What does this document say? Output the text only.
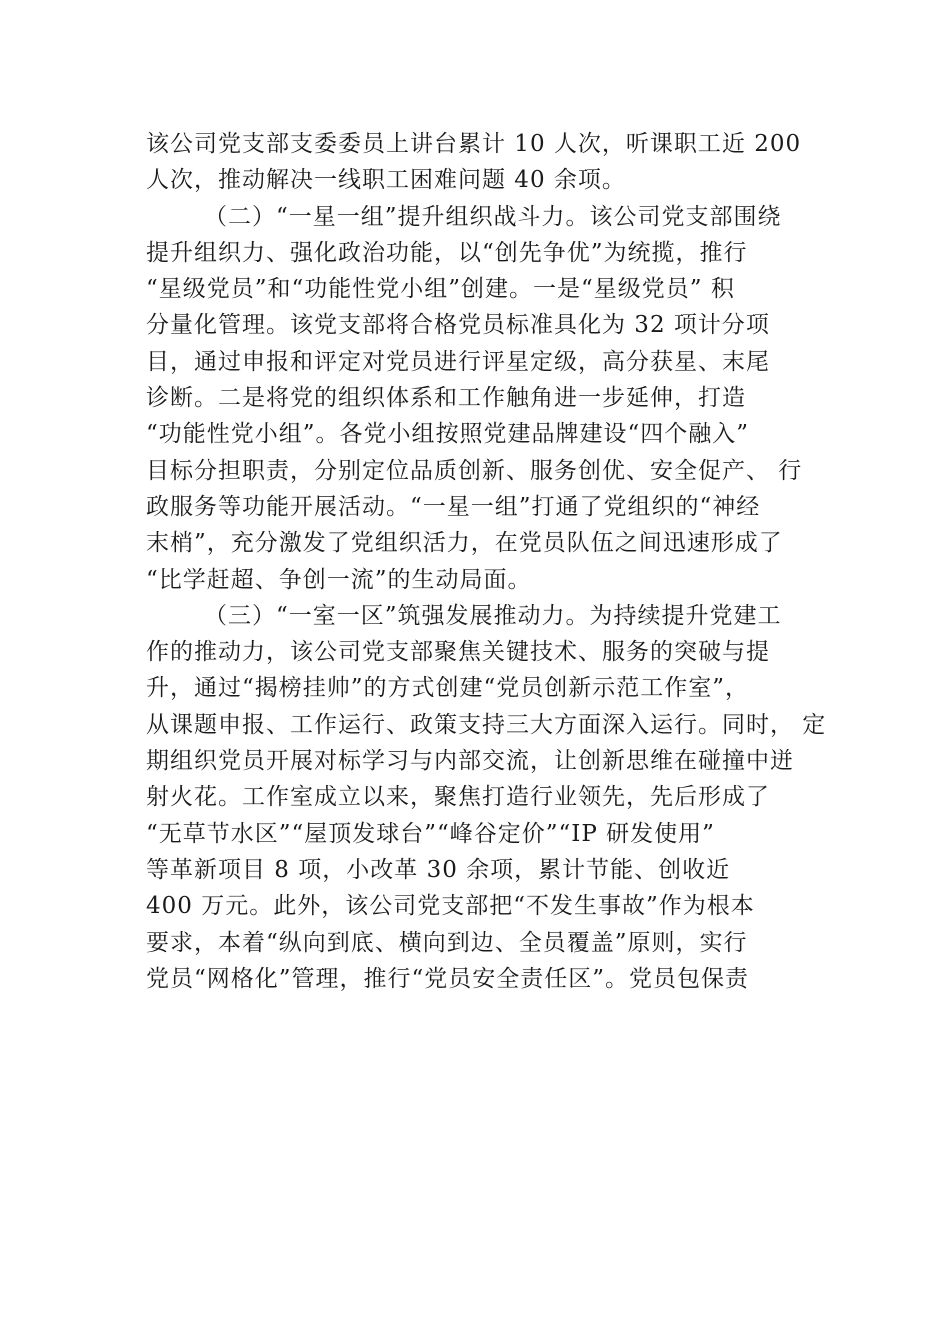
该公司党支部支委委员上讲台累计 10 人次，听课职工近 200
人次，推动解决一线职工困难问题 40 余项。
（二）“一星一组”提升组织战斗力。该公司党支部围绕
提升组织力、强化政治功能，以“创先争优”为统揽，推行
“星级党员”和“功能性党小组”创建。一是“星级党员” 积
分量化管理。该党支部将合格党员标准具化为 32 项计分项
目，通过申报和评定对党员进行评星定级，高分获星、末尾
诊断。二是将党的组织体系和工作触角进一步延伸，打造
“功能性党小组”。各党小组按照党建品牌建设“四个融入”
目标分担职责，分别定位品质创新、服务创优、安全促产、 行
政服务等功能开展活动。“一星一组”打通了党组织的“神经
末梢”，充分激发了党组织活力，在党员队伍之间迅速形成了
“比学赶超、争创一流”的生动局面。
（三）“一室一区”筑强发展推动力。为持续提升党建工
作的推动力，该公司党支部聚焦关键技术、服务的突破与提
升，通过“揭榜挂帅”的方式创建“党员创新示范工作室”，
从课题申报、工作运行、政策支持三大方面深入运行。同时， 定
期组织党员开展对标学习与内部交流，让创新思维在碰撞中迸
射火花。工作室成立以来，聚焦打造行业领先，先后形成了
“无草节水区”“屋顶发球台”“峰谷定价”“IP 研发使用”
等革新项目 8 项，小改革 30 余项，累计节能、创收近
400 万元。此外，该公司党支部把“不发生事故”作为根本
要求，本着“纵向到底、横向到边、全员覆盖”原则，实行
党员“网格化”管理，推行“党员安全责任区”。党员包保责
